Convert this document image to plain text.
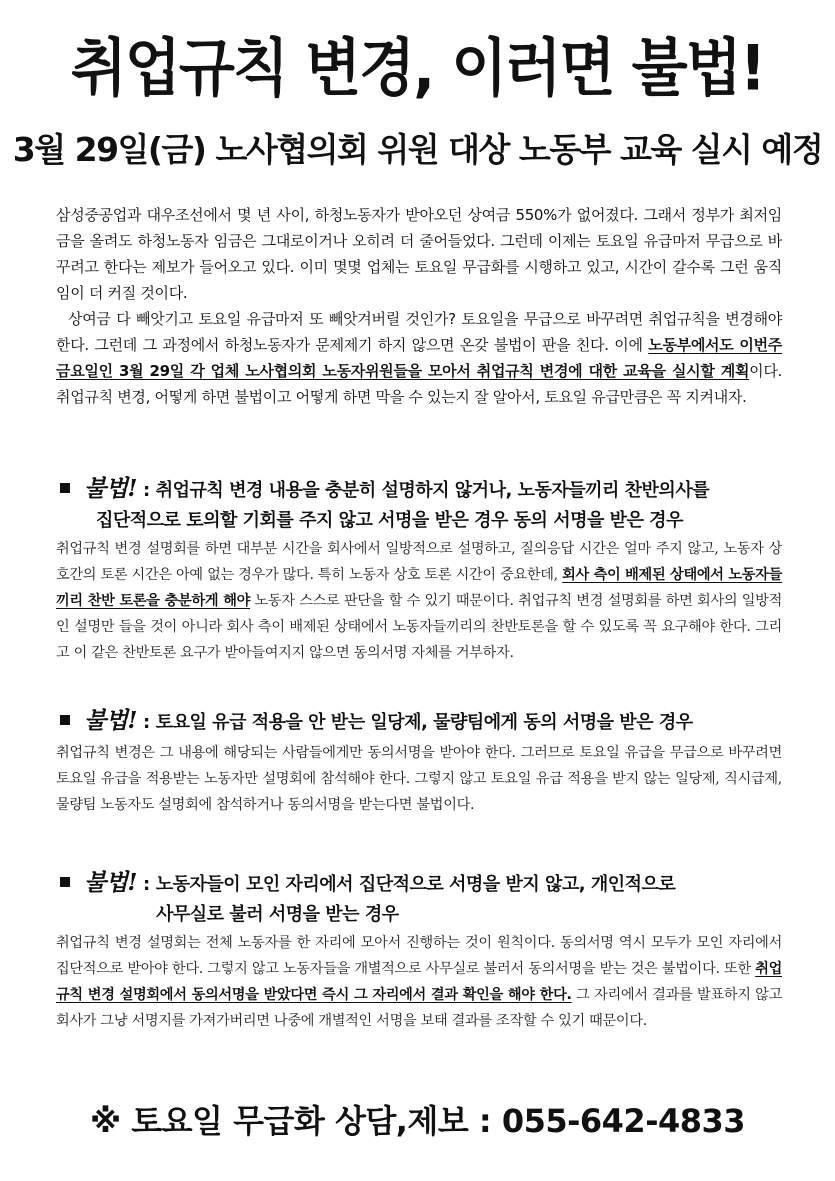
취업규칙 변경, 이러면 불법!
3월 29일(금) 노사협의회 위원 대상 노동부 교육 실시 예정

삼성중공업과 대우조선에서 몇 년 사이, 하청노동자가 받아오던 상여금 550%가 없어졌다. 그래서 정부가 최저임금을 올려도 하청노동자 임금은 그대로이거나 오히려 더 줄어들었다. 그런데 이제는 토요일 유급마저 무급으로 바꾸려고 한다는 제보가 들어오고 있다. 이미 몇몇 업체는 토요일 무급화를 시행하고 있고, 시간이 갈수록 그런 움직임이 더 커질 것이다.

상여금 다 빼앗기고 토요일 유급마저 또 빼앗겨버릴 것인가? 토요일을 무급으로 바꾸려면 취업규칙을 변경해야 한다. 그런데 그 과정에서 하청노동자가 문제제기 하지 않으면 온갖 불법이 판을 친다. 이에 노동부에서도 이번주 금요일인 3월 29일 각 업체 노사협의회 노동자위원들을 모아서 취업규칙 변경에 대한 교육을 실시할 계획이다. 취업규칙 변경, 어떻게 하면 불법이고 어떻게 하면 막을 수 있는지 잘 알아서, 토요일 유급만큼은 꼭 지켜내자.

불법! : 취업규칙 변경 내용을 충분히 설명하지 않거나, 노동자들끼리 찬반의사를
집단적으로 토의할 기회를 주지 않고 서명을 받은 경우 동의 서명을 받은 경우
취업규칙 변경 설명회를 하면 대부분 시간을 회사에서 일방적으로 설명하고, 질의응답 시간은 얼마 주지 않고, 노동자 상호간의 토론 시간은 아예 없는 경우가 많다. 특히 노동자 상호 토론 시간이 중요한데, 회사 측이 배제된 상태에서 노동자들끼리 찬반 토론을 충분하게 해야 노동자 스스로 판단을 할 수 있기 때문이다. 취업규칙 변경 설명회를 하면 회사의 일방적인 설명만 들을 것이 아니라 회사 측이 배제된 상태에서 노동자들끼리의 찬반토론을 할 수 있도록 꼭 요구해야 한다. 그리고 이 같은 찬반토론 요구가 받아들여지지 않으면 동의서명 자체를 거부하자.
불법! : 토요일 유급 적용을 안 받는 일당제, 물량팀에게 동의 서명을 받은 경우
취업규칙 변경은 그 내용에 해당되는 사람들에게만 동의서명을 받아야 한다. 그러므로 토요일 유급을 무급으로 바꾸려면 토요일 유급을 적용받는 노동자만 설명회에 참석해야 한다. 그렇지 않고 토요일 유급 적용을 받지 않는 일당제, 직시급제, 물량팀 노동자도 설명회에 참석하거나 동의서명을 받는다면 불법이다.
불법! : 노동자들이 모인 자리에서 집단적으로 서명을 받지 않고, 개인적으로
사무실로 불러 서명을 받는 경우
취업규칙 변경 설명회는 전체 노동자를 한 자리에 모아서 진행하는 것이 원칙이다. 동의서명 역시 모두가 모인 자리에서 집단적으로 받아야 한다. 그렇지 않고 노동자들을 개별적으로 사무실로 불러서 동의서명을 받는 것은 불법이다. 또한 취업규칙 변경 설명회에서 동의서명을 받았다면 즉시 그 자리에서 결과 확인을 해야 한다. 그 자리에서 결과를 발표하지 않고 회사가 그냥 서명지를 가져가버리면 나중에 개별적인 서명을 보태 결과를 조작할 수 있기 때문이다.
※ 토요일 무급화 상담,제보 : 055-642-4833
